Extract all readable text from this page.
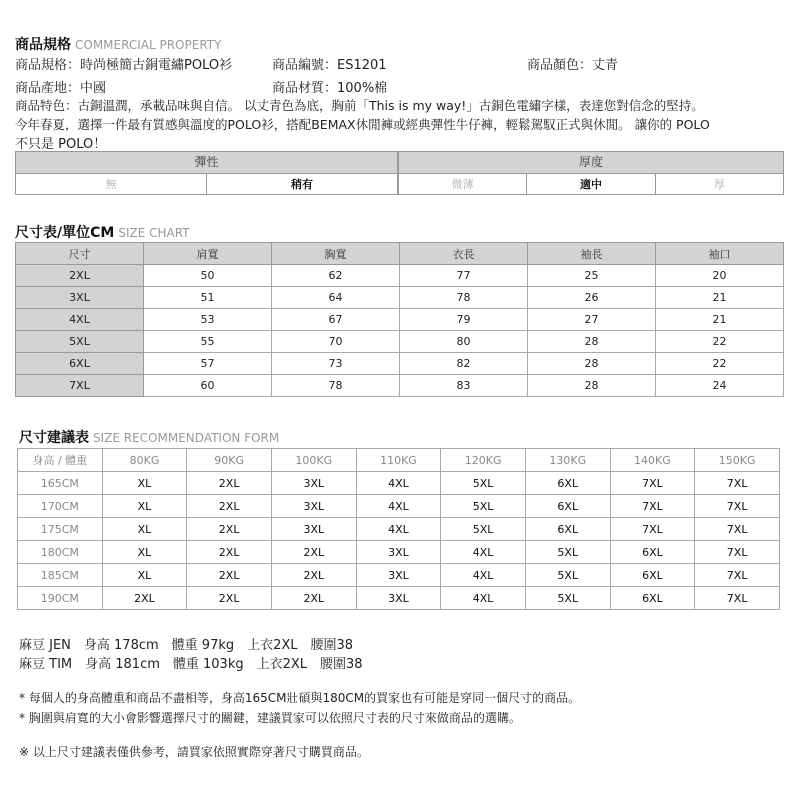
商品規格 COMMERCIAL PROPERTY
商品規格：時尚極簡古銅電繡POLO衫	商品編號：ES1201	商品顏色：丈青
商品產地：中國	商品材質：100%棉
商品特色：古銅溫潤，承載品味與自信。 以丈青色為底，胸前「This is my way!」古銅色電繡字樣，表達您對信念的堅持。
今年春夏，選擇一件最有質感與溫度的POLO衫，搭配BEMAX休閒褲或經典彈性牛仔褲，輕鬆駕馭正式與休閒。 讓你的 POLO
不只是 POLO！
彈性
無	稍有
厚度
微薄	適中	厚
尺寸表/單位CM SIZE CHART
尺寸	肩寬	胸寬	衣長	袖長	袖口
2XL	50	62	77	25	20
3XL	51	64	78	26	21
4XL	53	67	79	27	21
5XL	55	70	80	28	22
6XL	57	73	82	28	22
7XL	60	78	83	28	24
尺寸建議表 SIZE RECOMMENDATION FORM
身高 / 體重	80KG	90KG	100KG	110KG	120KG	130KG	140KG	150KG
165CM	XL	2XL	3XL	4XL	5XL	6XL	7XL	7XL
170CM	XL	2XL	3XL	4XL	5XL	6XL	7XL	7XL
175CM	XL	2XL	3XL	4XL	5XL	6XL	7XL	7XL
180CM	XL	2XL	2XL	3XL	4XL	5XL	6XL	7XL
185CM	XL	2XL	2XL	3XL	4XL	5XL	6XL	7XL
190CM	2XL	2XL	2XL	3XL	4XL	5XL	6XL	7XL
麻豆 JEN　身高 178cm　體重 97kg　上衣2XL　腰圍38
麻豆 TIM　身高 181cm　體重 103kg　上衣2XL　腰圍38
* 每個人的身高體重和商品不盡相等，身高165CM壯碩與180CM的買家也有可能是穿同一個尺寸的商品。
* 胸圍與肩寬的大小會影響選擇尺寸的關鍵，建議買家可以依照尺寸表的尺寸來做商品的選購。
※ 以上尺寸建議表僅供參考，請買家依照實際穿著尺寸購買商品。
